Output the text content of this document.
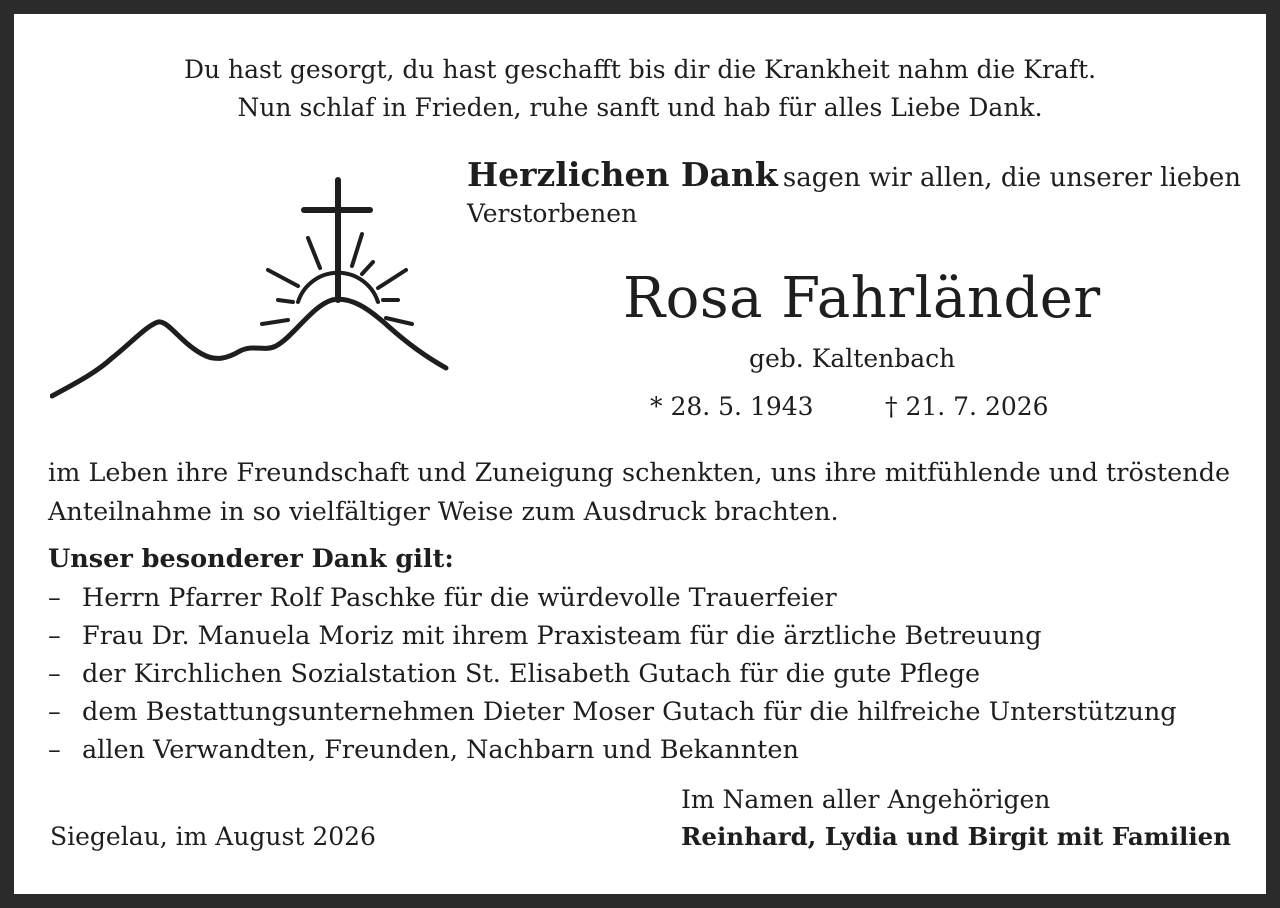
Du hast gesorgt, du hast geschafft bis dir die Krankheit nahm die Kraft.
Nun schlaf in Frieden, ruhe sanft und hab für alles Liebe Dank.
Herzlichen Dank sagen wir allen, die unserer lieben
Verstorbenen
Rosa Fahrländer
geb. Kaltenbach
* 28. 5. 1943	† 21. 7. 2026
im Leben ihre Freundschaft und Zuneigung schenkten, uns ihre mitfühlende und tröstende
Anteilnahme in so vielfältiger Weise zum Ausdruck brachten.
Unser besonderer Dank gilt:
– Herrn Pfarrer Rolf Paschke für die würdevolle Trauerfeier
– Frau Dr. Manuela Moriz mit ihrem Praxisteam für die ärztliche Betreuung
– der Kirchlichen Sozialstation St. Elisabeth Gutach für die gute Pflege
– dem Bestattungsunternehmen Dieter Moser Gutach für die hilfreiche Unterstützung
– allen Verwandten, Freunden, Nachbarn und Bekannten
Im Namen aller Angehörigen
Siegelau, im August 2026	Reinhard, Lydia und Birgit mit Familien
